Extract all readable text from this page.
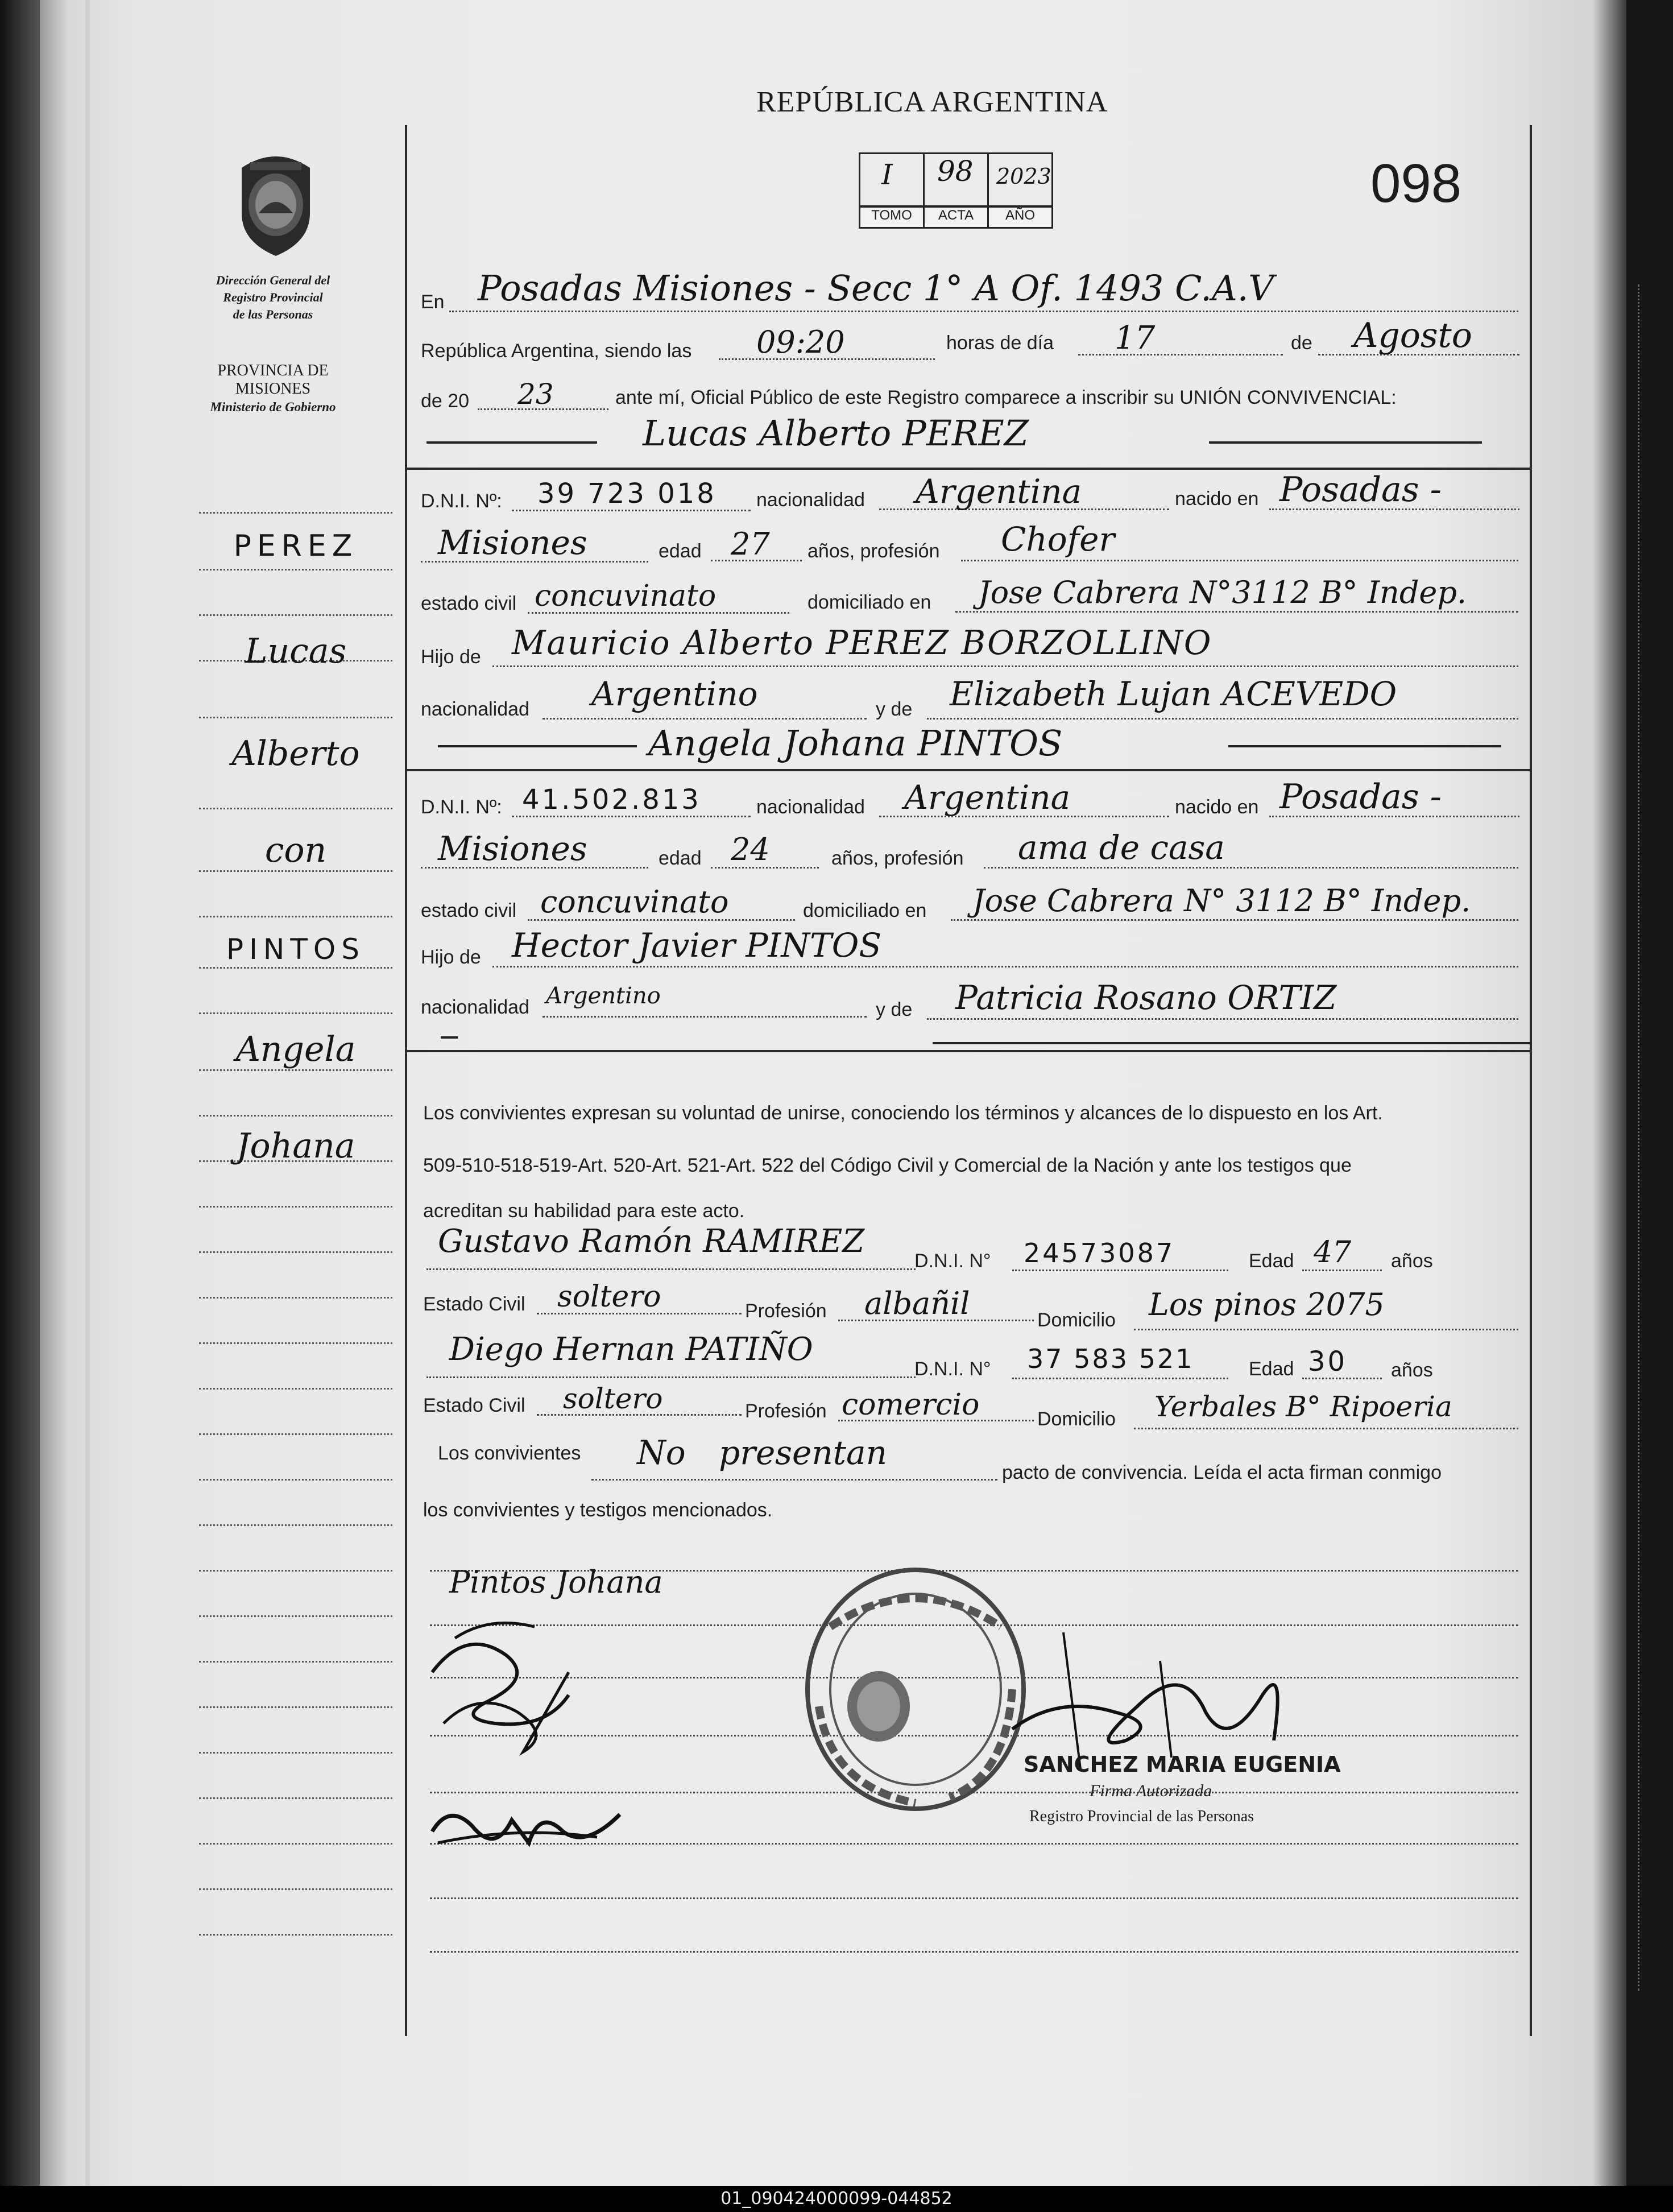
REPÚBLICA ARGENTINA
I 98 2023
TOMO	ACTA	AÑO
098
Dirección General del
Registro Provincial
de las Personas
PROVINCIA DE
MISIONES
Ministerio de Gobierno
PEREZ
Lucas
Alberto
con
PINTOS
Angela
Johana
En Posadas Misiones - Secc 1° A Of. 1493 C.A.V
República Argentina, siendo las 09:20	horas de día 17	de Agosto
de 20 23	ante mí, Oficial Público de este Registro comparece a inscribir su UNIÓN CONVIVENCIAL:
Lucas Alberto PEREZ
D.N.I. Nº: 39 723 018 nacionalidad Argentina	nacido en Posadas -
Misiones	edad 27 años, profesión Chofer
estado civil concuvinato	domiciliado en Jose Cabrera N°3112 B° Indep.
Hijo de Mauricio Alberto PEREZ BORZOLLINO
nacionalidad Argentino	y de Elizabeth Lujan ACEVEDO
Angela Johana PINTOS
D.N.I. Nº: 41.502.813	nacionalidad Argentina	nacido en Posadas -
Misiones	edad 24	años, profesión ama de casa
estado civil concuvinato	domiciliado en Jose Cabrera N° 3112 B° Indep.
Hijo de Hector Javier PINTOS
nacionalidad Argentino
y de Patricia Rosano ORTIZ
Los convivientes expresan su voluntad de unirse, conociendo los términos y alcances de lo dispuesto en los Art.
509-510-518-519-Art. 520-Art. 521-Art. 522 del Código Civil y Comercial de la Nación y ante los testigos que
acreditan su habilidad para este acto.
Gustavo Ramón RAMIREZ
D.N.I. N° 24573087	Edad 47 años
Estado Civil soltero	Profesión albañil	Domicilio Los pinos 2075
Diego Hernan PATIÑO
D.N.I. N° 37 583 521	Edad 30 años
Estado Civil soltero	Profesión comercio	Domicilio Yerbales B° Ripoeria
Los convivientes No presentan
pacto de convivencia. Leída el acta firman conmigo
los convivientes y testigos mencionados.
Pintos Johana
SANCHEZ MARIA EUGENIA
Firma Autorizada
Registro Provincial de las Personas
01_090424000099-044852
